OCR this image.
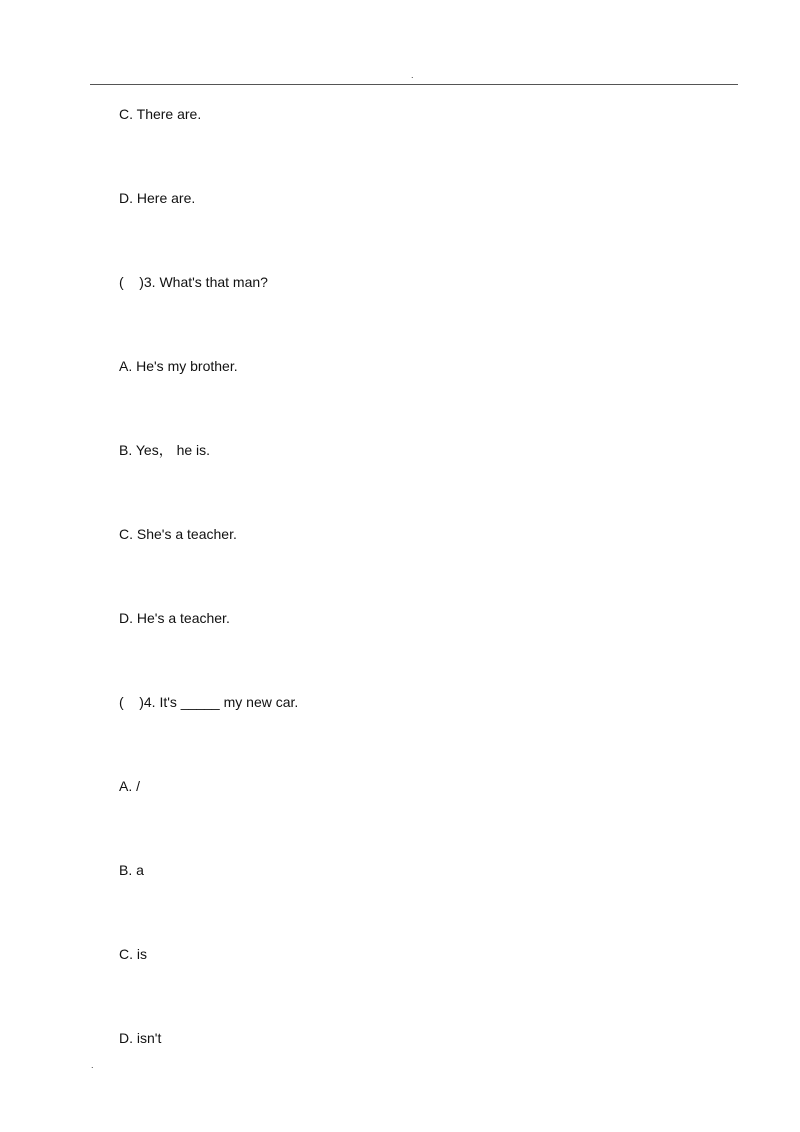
.
C. There are.
D. Here are.
(    )3. What's that man?
A. He's my brother.
B. Yes， he is.
C. She's a teacher.
D. He's a teacher.
(    )4. It's _____ my new car.
A. /
B. a
C. is
D. isn't
.
